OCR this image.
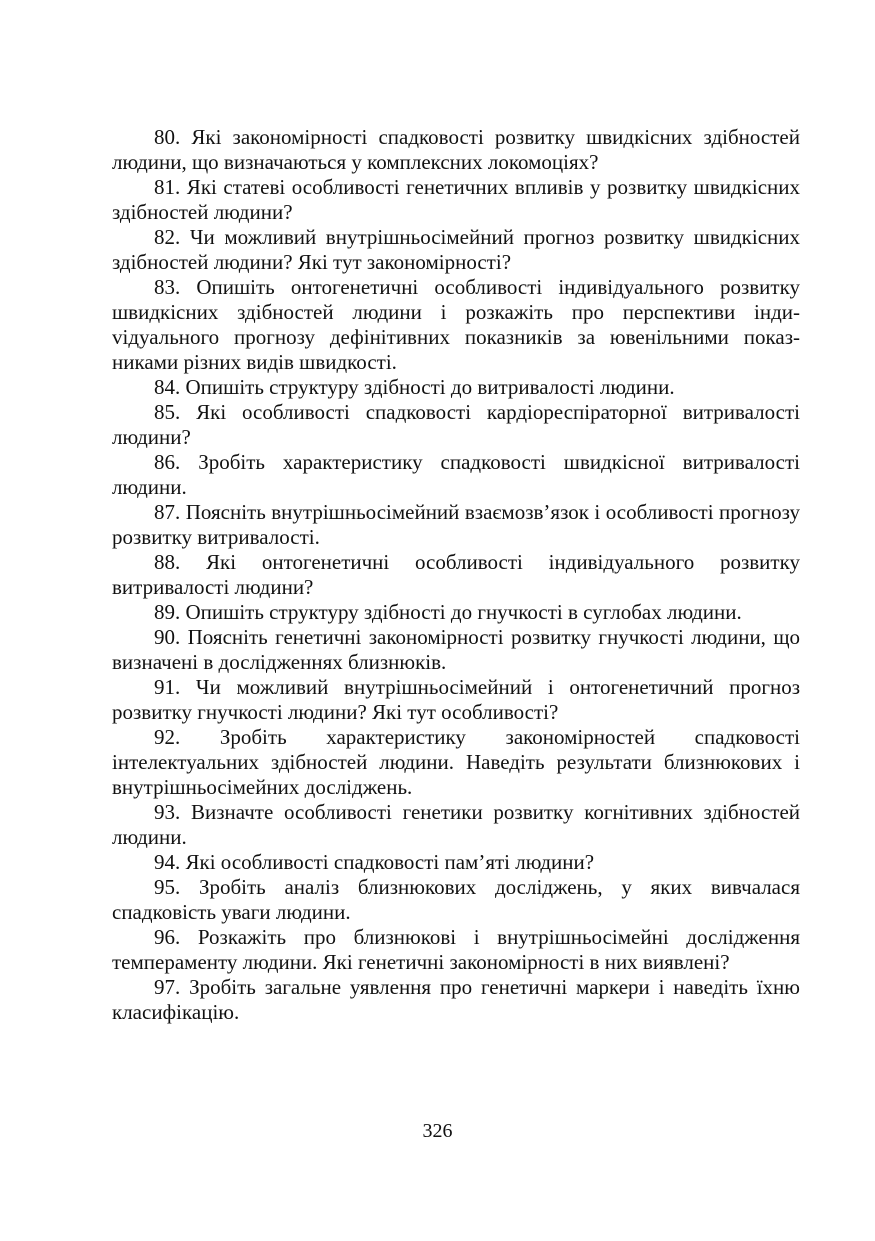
80. Які закономірності спадковості розвитку швидкісних здібностей людини, що визначаються у комплексних локомоціях?

81. Які статеві особливості генетичних впливів у розвитку швидкісних здібностей людини?

82. Чи можливий внутрішньосімейний прогноз розвитку швидкісних здібностей людини? Які тут закономірності?

83. Опишіть онтогенетичні особливості індивідуального розвитку швидкісних здібностей людини і розкажіть про перспективи індиvідуального прогнозу дефінітивних показників за ювенільними показниками різних видів швидкості.

84. Опишіть структуру здібності до витривалості людини.

85. Які особливості спадковості кардіореспіраторної витривалості людини?

86. Зробіть характеристику спадковості швидкісної витривалості людини.

87. Поясніть внутрішньосімейний взаємозв’язок і особливості прогнозу розвитку витривалості.

88. Які онтогенетичні особливості індивідуального розвитку витривалості людини?

89. Опишіть структуру здібності до гнучкості в суглобах людини.

90. Поясніть генетичні закономірності розвитку гнучкості людини, що визначені в дослідженнях близнюків.

91. Чи можливий внутрішньосімейний і онтогенетичний прогноз розвитку гнучкості людини? Які тут особливості?

92. Зробіть характеристику закономірностей спадковості інтелектуальних здібностей людини. Наведіть результати близнюкових і внутрішньосімейних досліджень.

93. Визначте особливості генетики розвитку когнітивних здібностей людини.

94. Які особливості спадковості пам’яті людини?

95. Зробіть аналіз близнюкових досліджень, у яких вивчалася спадковість уваги людини.

96. Розкажіть про близнюкові і внутрішньосімейні дослідження темпераменту людини. Які генетичні закономірності в них виявлені?

97. Зробіть загальне уявлення про генетичні маркери і наведіть їхню класифікацію.

326
